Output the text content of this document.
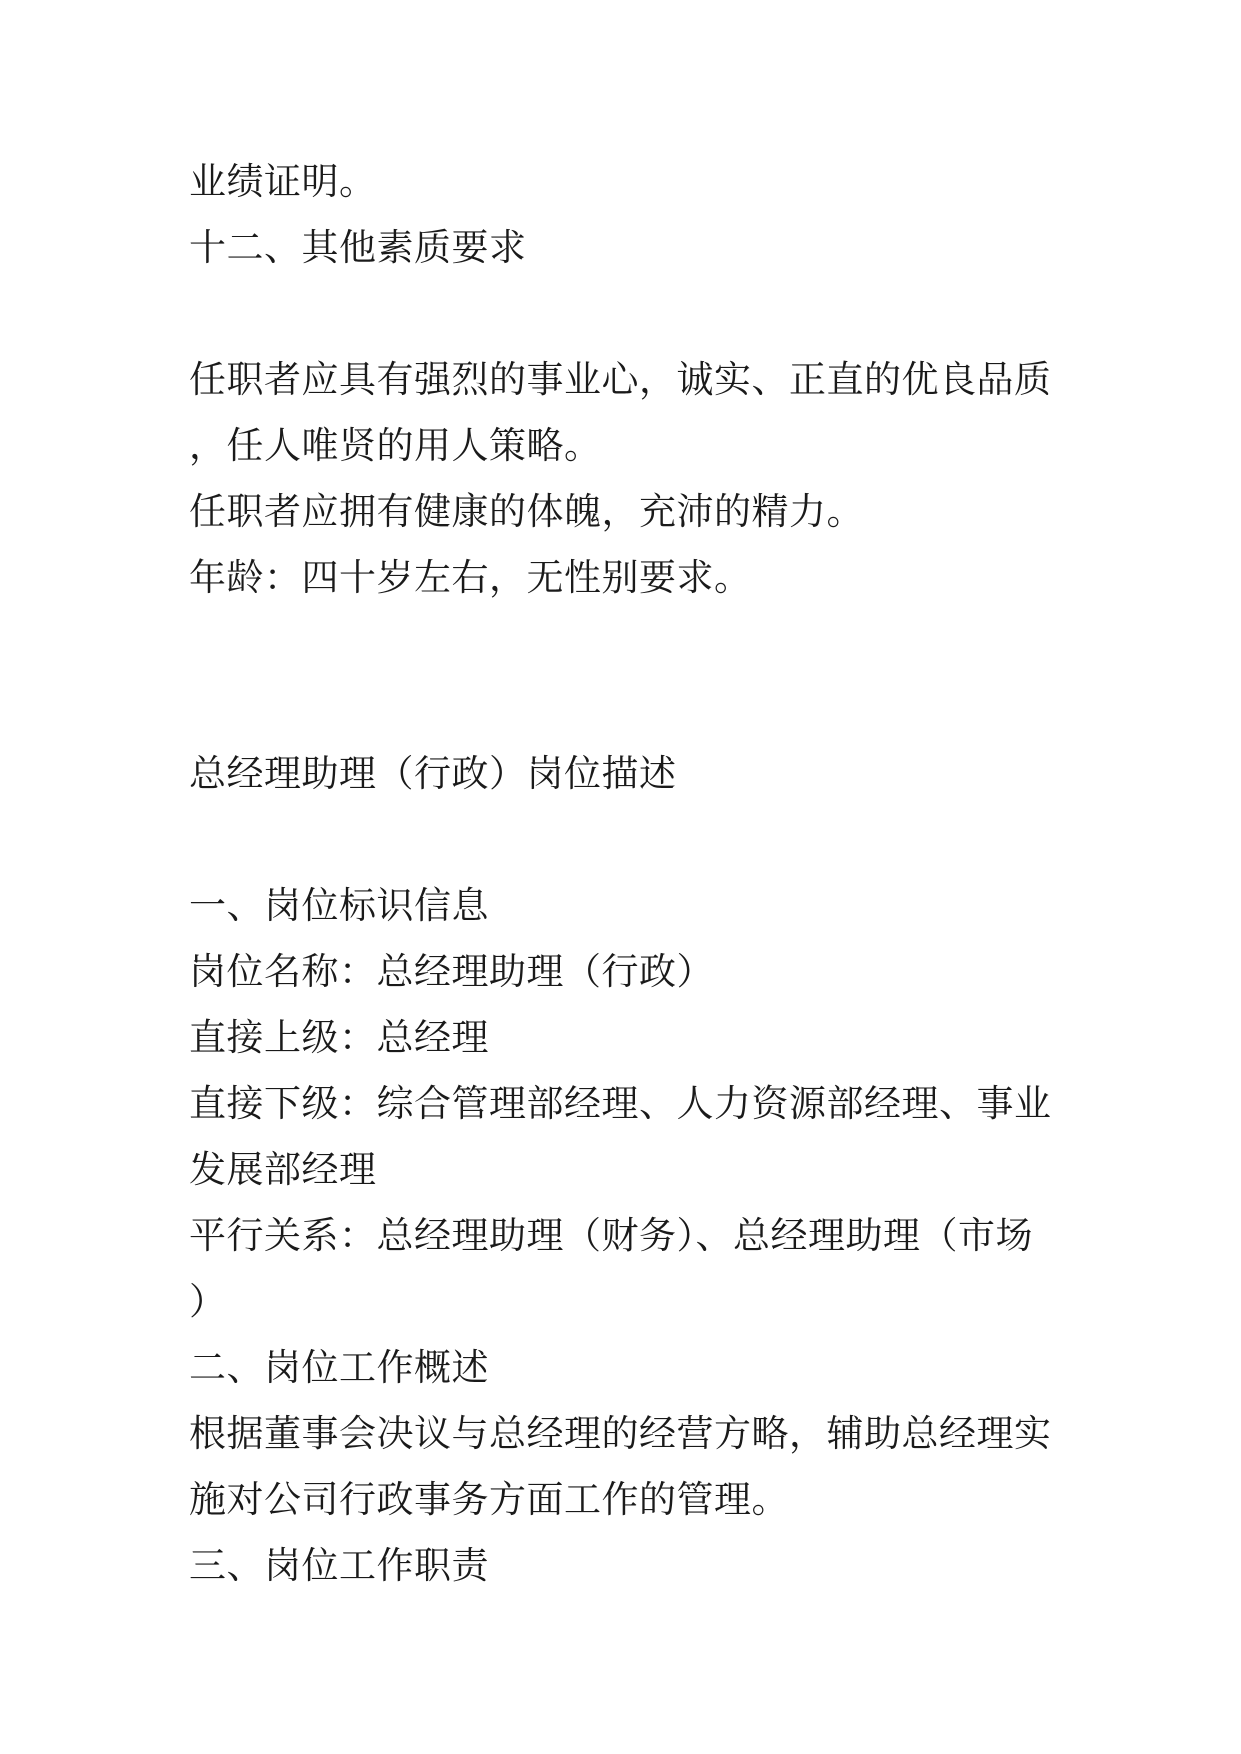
业绩证明。
十二、其他素质要求
任职者应具有强烈的事业心，诚实、正直的优良品质
，任人唯贤的用人策略。
任职者应拥有健康的体魄，充沛的精力。
年龄：四十岁左右，无性别要求。
总经理助理（行政）岗位描述
一、岗位标识信息
岗位名称：总经理助理（行政）
直接上级：总经理
直接下级：综合管理部经理、人力资源部经理、事业
发展部经理
平行关系：总经理助理（财务）、总经理助理（市场
）
二、岗位工作概述
根据董事会决议与总经理的经营方略，辅助总经理实
施对公司行政事务方面工作的管理。
三、岗位工作职责
